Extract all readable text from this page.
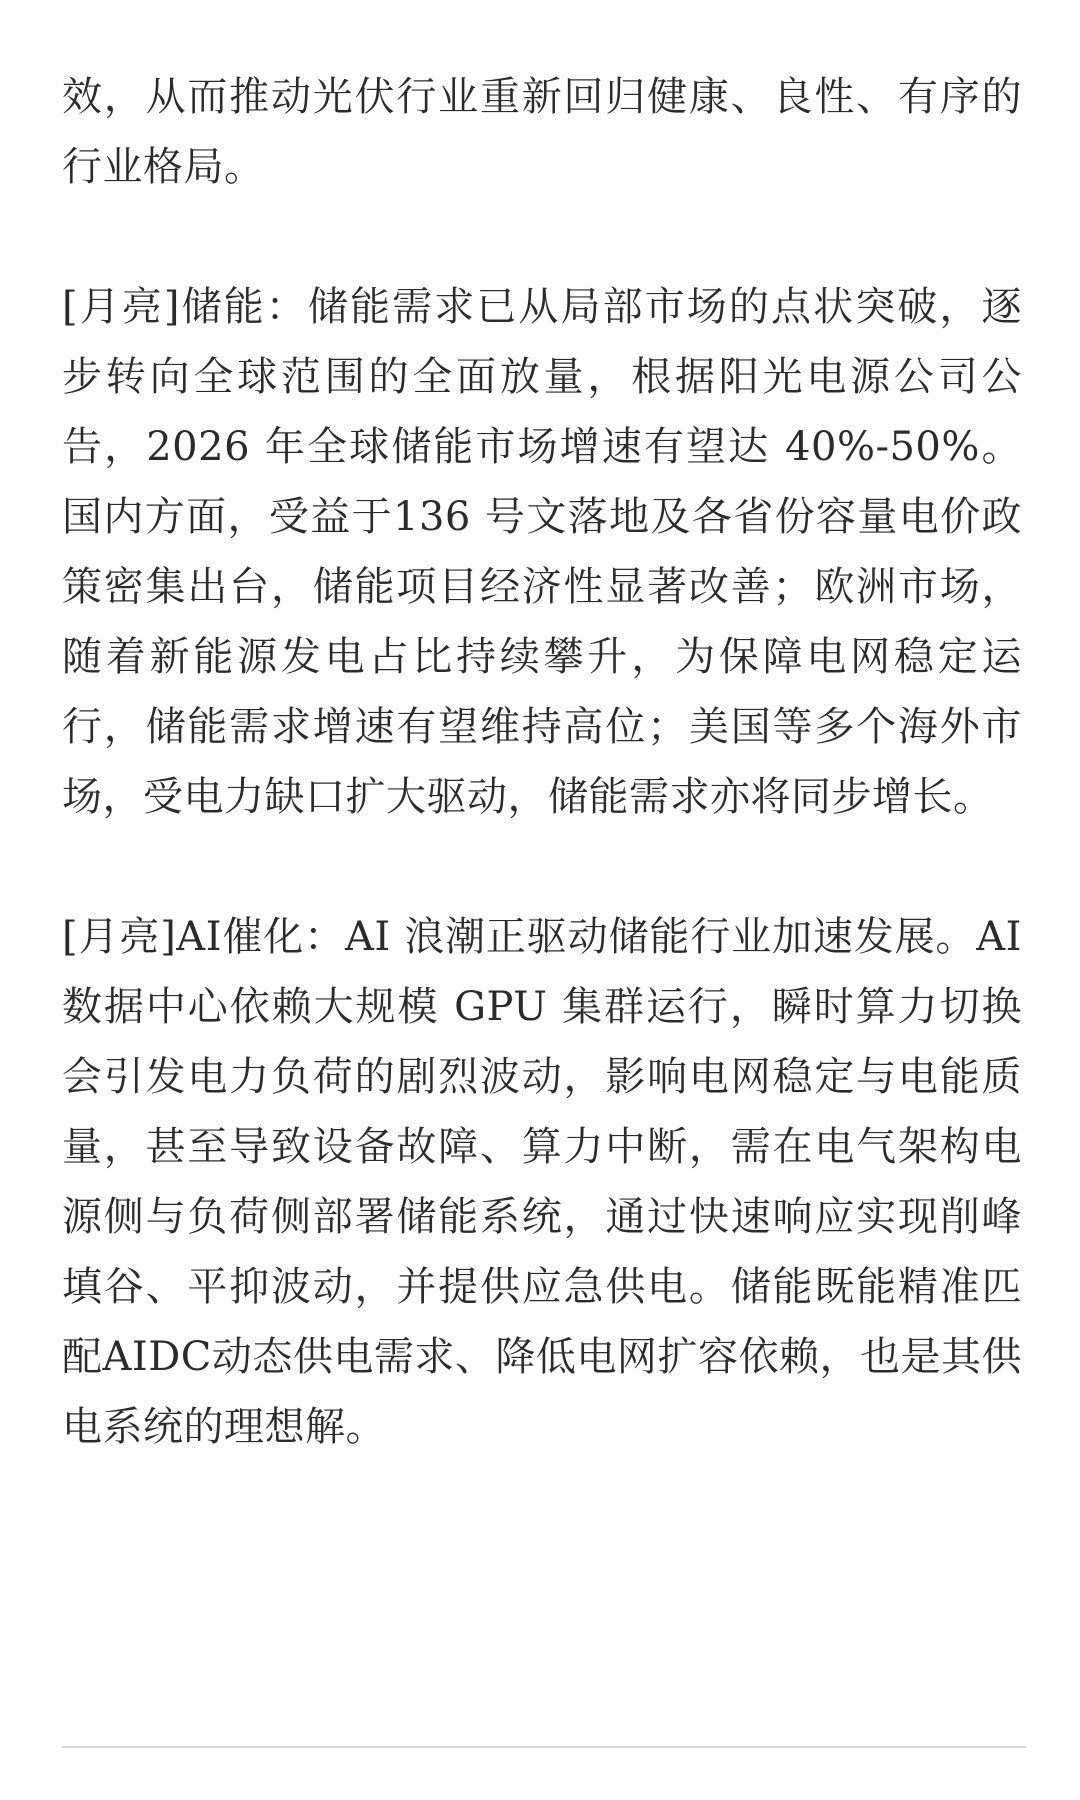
效，从而推动光伏行业重新回归健康、良性、有序的行业格局。

[月亮]储能：储能需求已从局部市场的点状突破，逐步转向全球范围的全面放量，根据阳光电源公司公告，2026 年全球储能市场增速有望达 40%-50%。国内方面，受益于136 号文落地及各省份容量电价政策密集出台，储能项目经济性显著改善；欧洲市场，随着新能源发电占比持续攀升，为保障电网稳定运行，储能需求增速有望维持高位；美国等多个海外市场，受电力缺口扩大驱动，储能需求亦将同步增长。

[月亮]AI催化：AI 浪潮正驱动储能行业加速发展。AI 数据中心依赖大规模 GPU 集群运行，瞬时算力切换会引发电力负荷的剧烈波动，影响电网稳定与电能质量，甚至导致设备故障、算力中断，需在电气架构电源侧与负荷侧部署储能系统，通过快速响应实现削峰填谷、平抑波动，并提供应急供电。储能既能精准匹配AIDC动态供电需求、降低电网扩容依赖，也是其供电系统的理想解。
